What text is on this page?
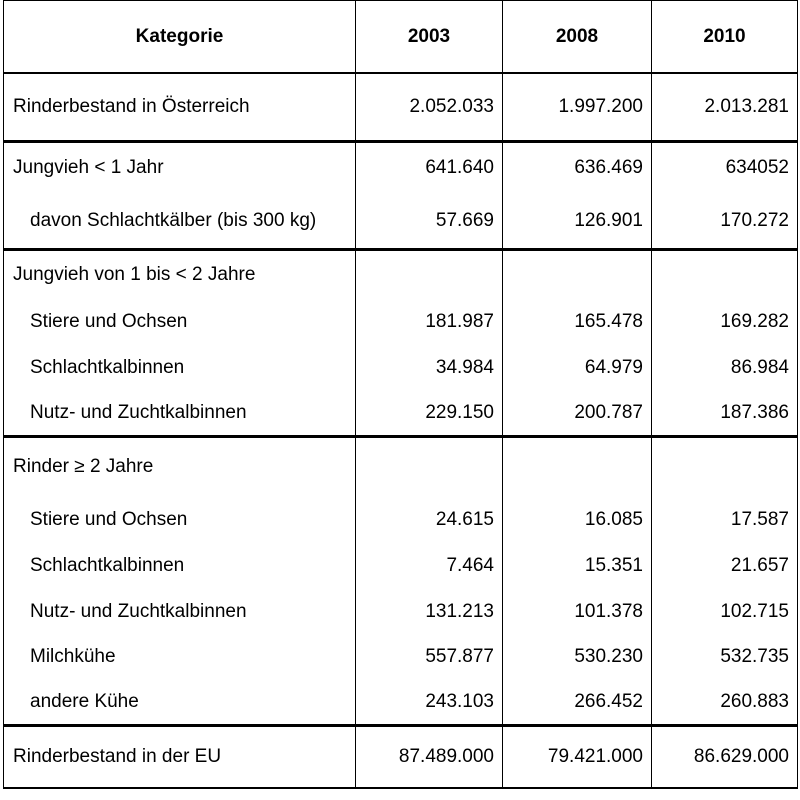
Kategorie	2003	2008	2010
Rinderbestand in Österreich	2.052.033	1.997.200	2.013.281
Jungvieh < 1 Jahr	641.640	636.469	634052
davon Schlachtkälber (bis 300 kg)	57.669	126.901	170.272
Jungvieh von 1 bis < 2 Jahre			
Stiere und Ochsen	181.987	165.478	169.282
Schlachtkalbinnen	34.984	64.979	86.984
Nutz- und Zuchtkalbinnen	229.150	200.787	187.386
Rinder ≥ 2 Jahre			
Stiere und Ochsen	24.615	16.085	17.587
Schlachtkalbinnen	7.464	15.351	21.657
Nutz- und Zuchtkalbinnen	131.213	101.378	102.715
Milchkühe	557.877	530.230	532.735
andere Kühe	243.103	266.452	260.883
Rinderbestand in der EU	87.489.000	79.421.000	86.629.000
